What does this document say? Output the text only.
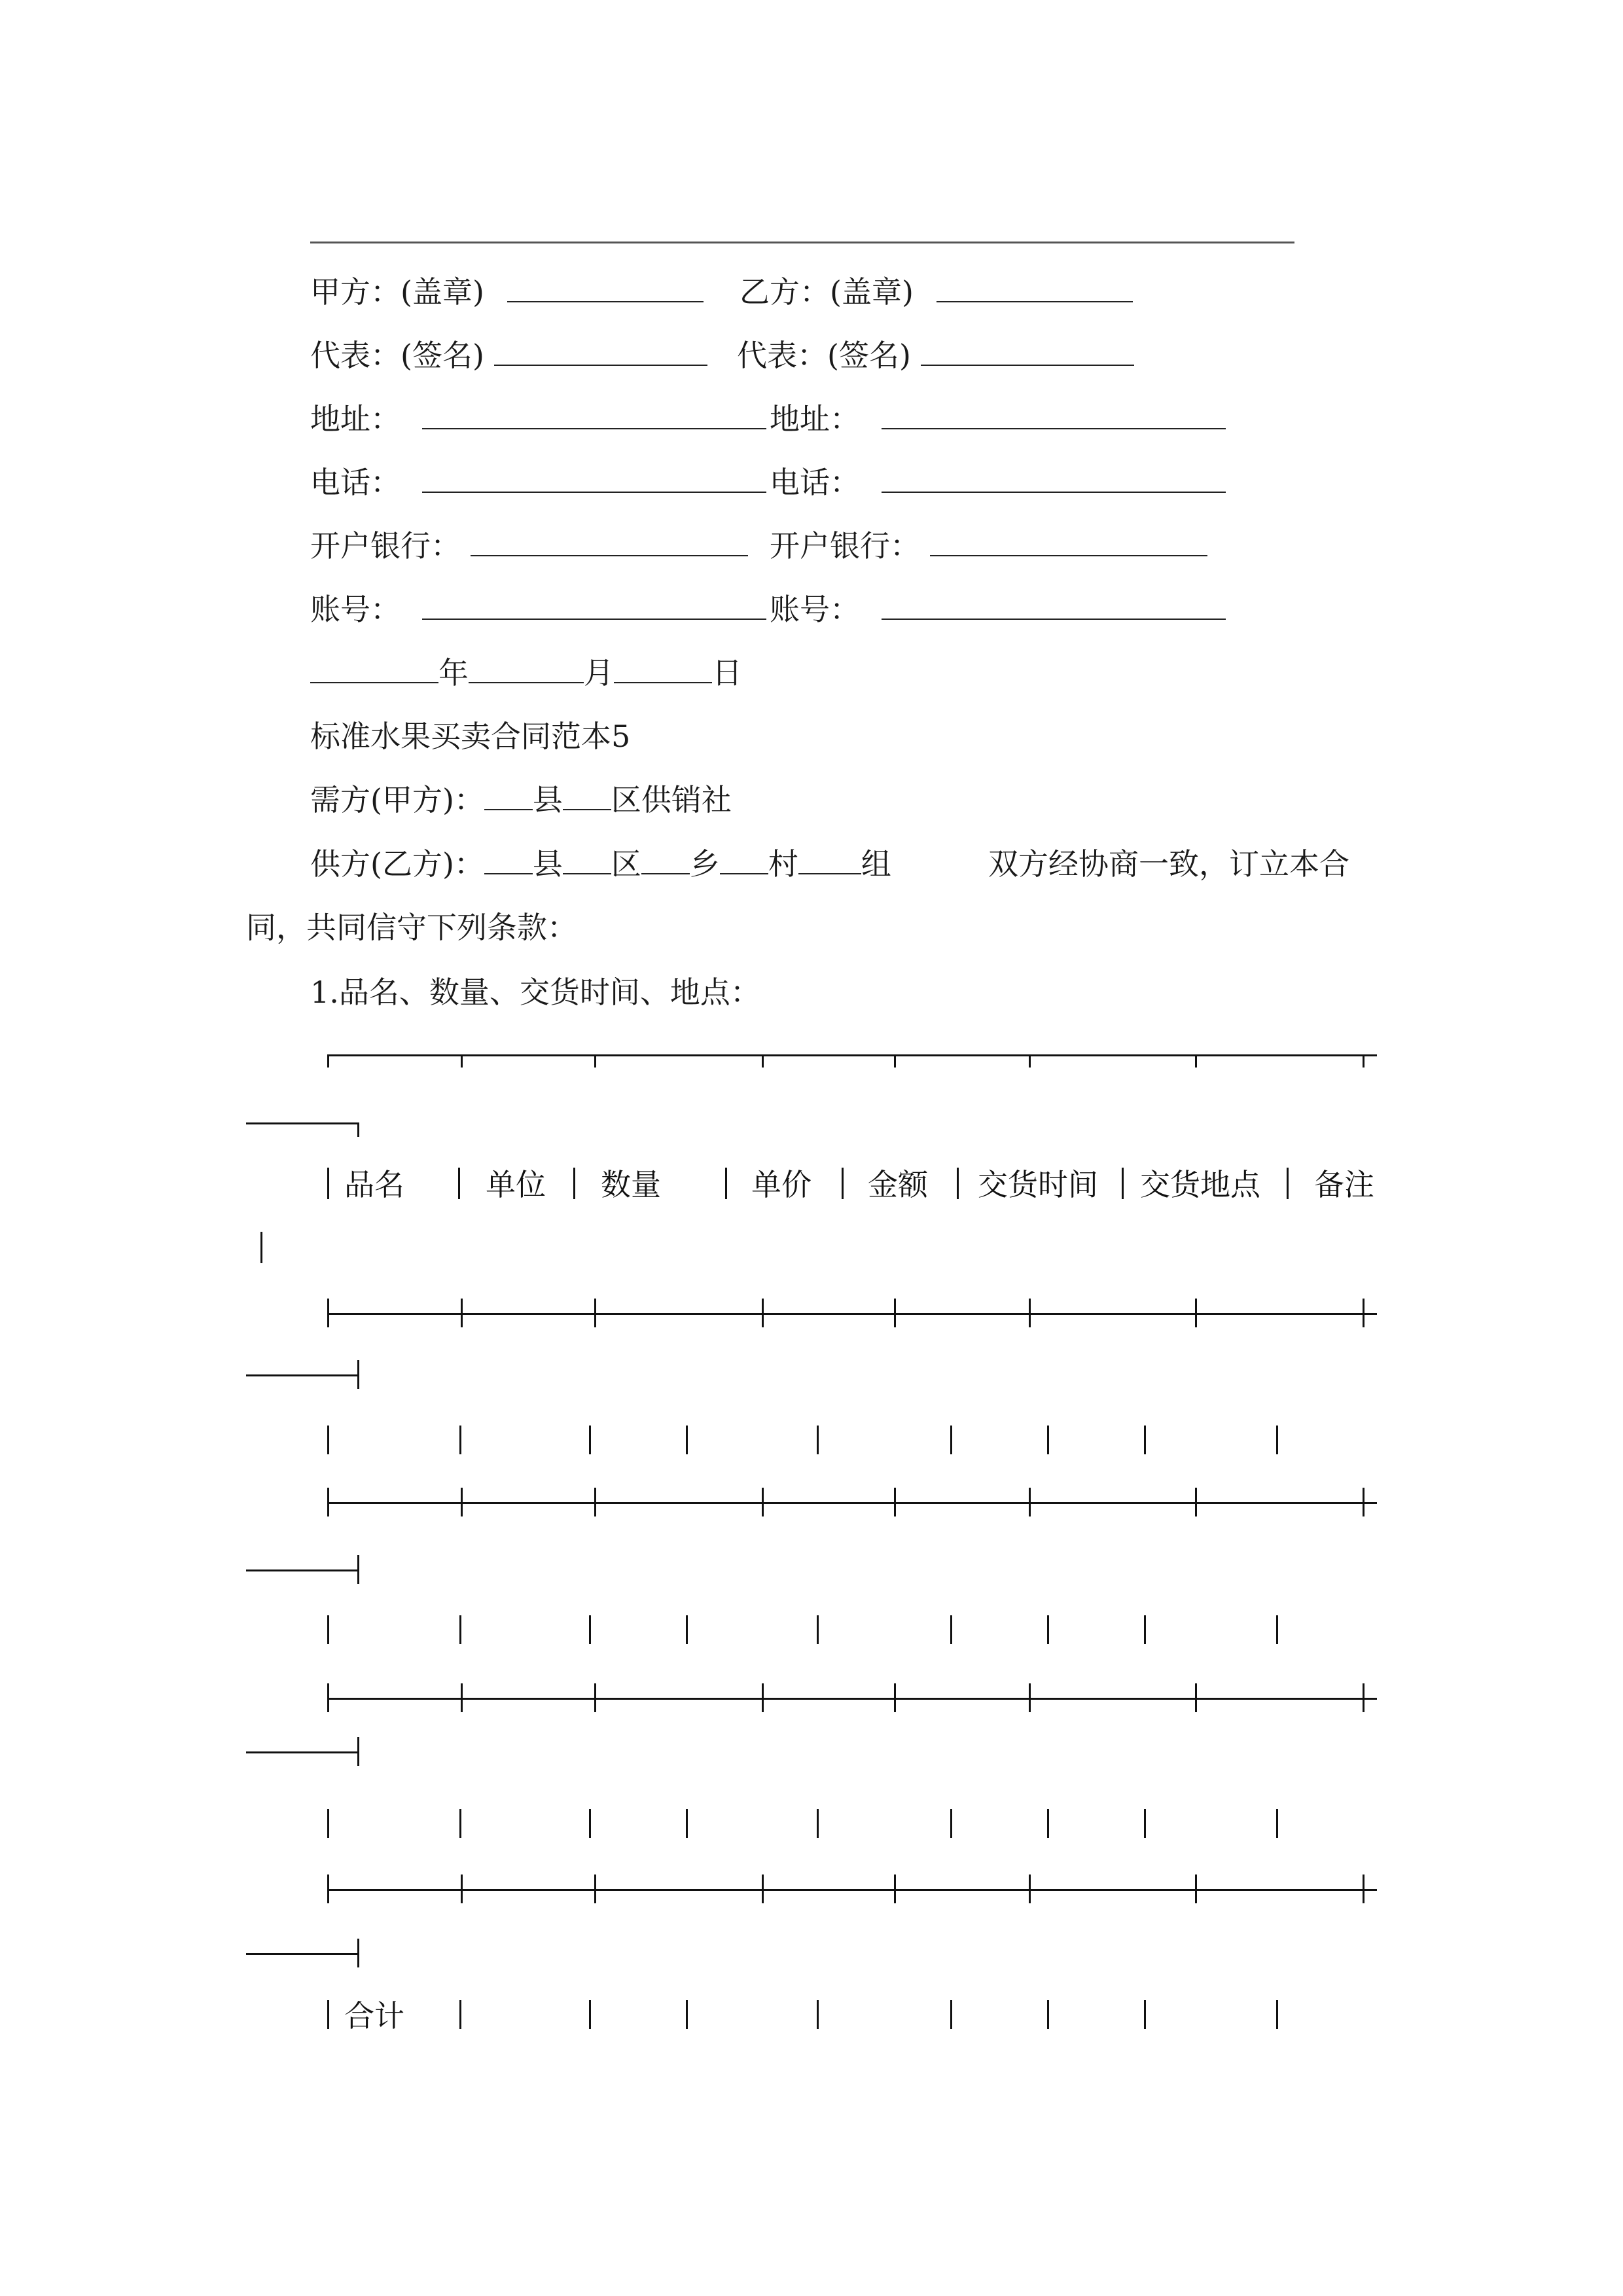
甲方：(盖章)	乙方：(盖章)
代表：(签名)	代表：(签名)
地址：	地址：
电话：	电话：
开户银行：	开户银行：
账号：	账号：
年	月	日
标准水果买卖合同范本5
需方(甲方)： 县 区供销社
供方(乙方)： 县 区 乡 村 组	双方经协商一致，订立本合
同，共同信守下列条款：
1.品名、数量、交货时间、地点：
品名	单位 数量	单价 金额 交货时间 交货地点 备注
合计
